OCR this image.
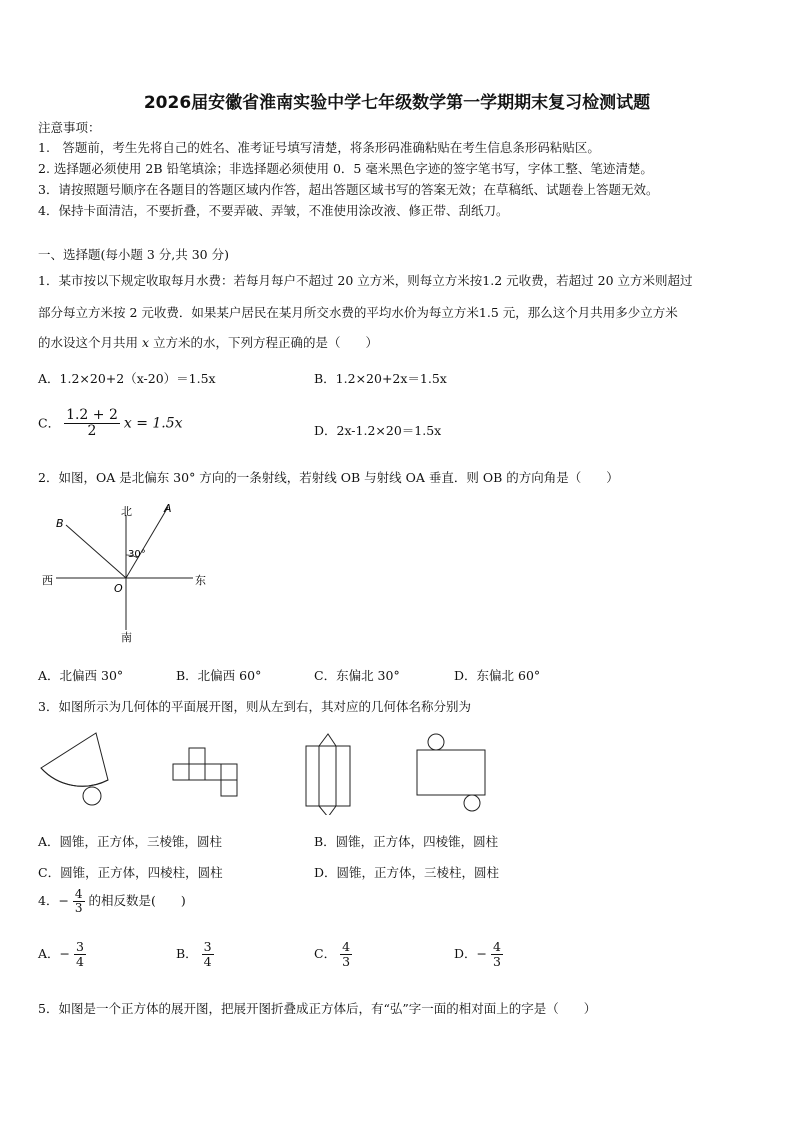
2026届安徽省淮南实验中学七年级数学第一学期期末复习检测试题
注意事项：
1.　答题前，考生先将自己的姓名、准考证号填写清楚，将条形码准确粘贴在考生信息条形码粘贴区。
2. 选择题必须使用 2B 铅笔填涂；非选择题必须使用 0．5 毫米黑色字迹的签字笔书写，字体工整、笔迹清楚。
3．请按照题号顺序在各题目的答题区域内作答，超出答题区域书写的答案无效；在草稿纸、试题卷上答题无效。
4．保持卡面清洁，不要折叠，不要弄破、弄皱，不准使用涂改液、修正带、刮纸刀。
一、选择题(每小题 3 分,共 30 分)
1．某市按以下规定收取每月水费：若每月每户不超过 20 立方米，则每立方米按1.2 元收费，若超过 20 立方米则超过
部分每立方米按 2 元收费．如果某户居民在某月所交水费的平均水价为每立方米1.5 元，那么这个月共用多少立方米
的水设这个月共用 x 立方米的水，下列方程正确的是（　　）
A．1.2×20+2（x-20）＝1.5x	B．1.2×20+2x＝1.5x
C． $\frac{1.2 + 2}{2}$ x = 1.5x	D．2x-1.2×20＝1.5x
2．如图，OA 是北偏东 30° 方向的一条射线，若射线 OB 与射线 OA 垂直．则 OB 的方向角是（　　）
北
南
东
西
A
B
O
30°
A．北偏西 30°	B．北偏西 60°	C．东偏北 30°	D．东偏北 60°
3．如图所示为几何体的平面展开图，则从左到右，其对应的几何体名称分别为
A．圆锥，正方体，三棱锥，圆柱	B．圆锥，正方体，四棱锥，圆柱
C．圆锥，正方体，四棱柱，圆柱	D．圆锥，正方体，三棱柱，圆柱
4．− $\frac{4}{3}$ 的相反数是(　　)
A．− $\frac{3}{4}$	B． $\frac{3}{4}$	C． $\frac{4}{3}$	D．− $\frac{4}{3}$
5．如图是一个正方体的展开图，把展开图折叠成正方体后，有“弘”字一面的相对面上的字是（　　）
